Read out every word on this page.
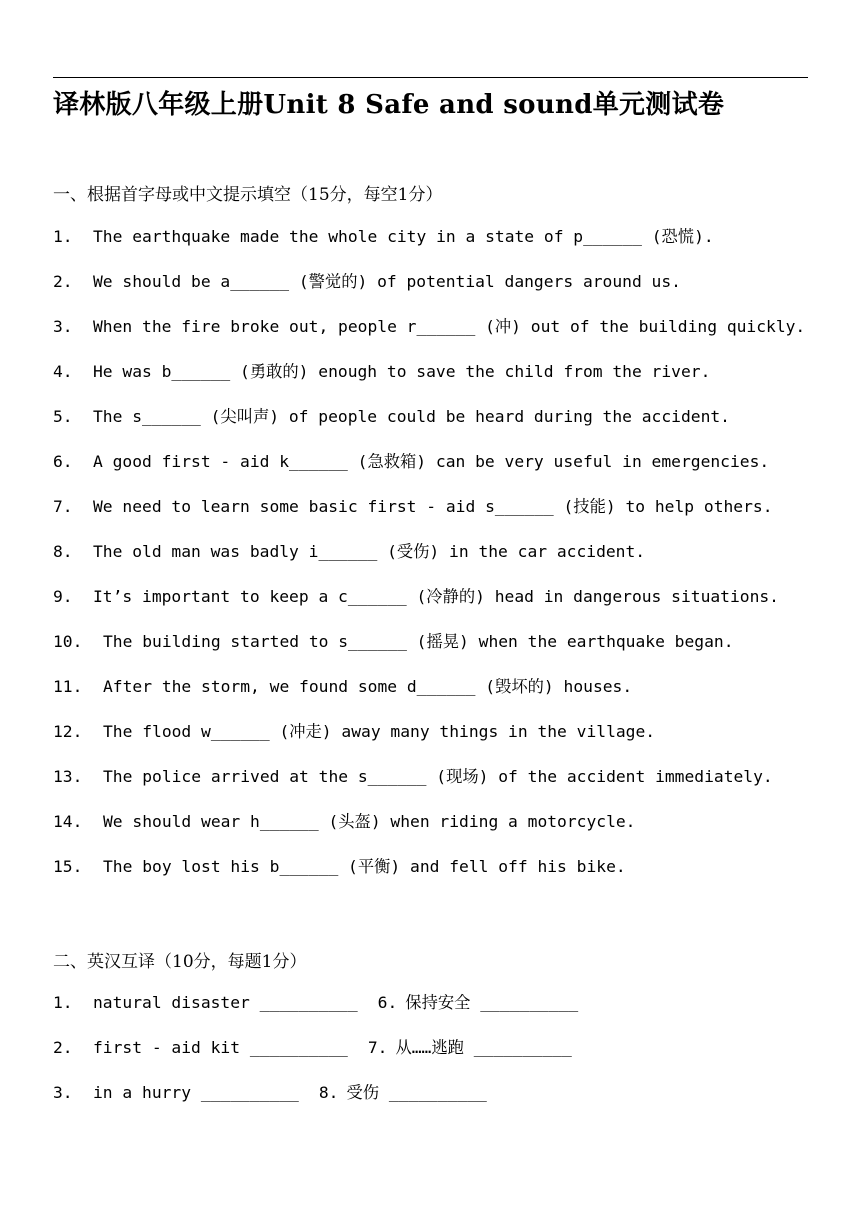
译林版八年级上册Unit 8 Safe and sound单元测试卷
一、根据首字母或中文提示填空（15分，每空1分）
1. The earthquake made the whole city in a state of p______ (恐慌).
2. We should be a______ (警觉的) of potential dangers around us.
3. When the fire broke out, people r______ (冲) out of the building quickly.
4. He was b______ (勇敢的) enough to save the child from the river.
5. The s______ (尖叫声) of people could be heard during the accident.
6. A good first - aid k______ (急救箱) can be very useful in emergencies.
7. We need to learn some basic first - aid s______ (技能) to help others.
8. The old man was badly i______ (受伤) in the car accident.
9. It’s important to keep a c______ (冷静的) head in dangerous situations.
10. The building started to s______ (摇晃) when the earthquake began.
11. After the storm, we found some d______ (毁坏的) houses.
12. The flood w______ (冲走) away many things in the village.
13. The police arrived at the s______ (现场) of the accident immediately.
14. We should wear h______ (头盔) when riding a motorcycle.
15. The boy lost his b______ (平衡) and fell off his bike.
二、英汉互译（10分，每题1分）
1. natural disaster __________ 6. 保持安全 __________
2. first - aid kit __________ 7. 从……逃跑 __________
3. in a hurry __________ 8. 受伤 __________
